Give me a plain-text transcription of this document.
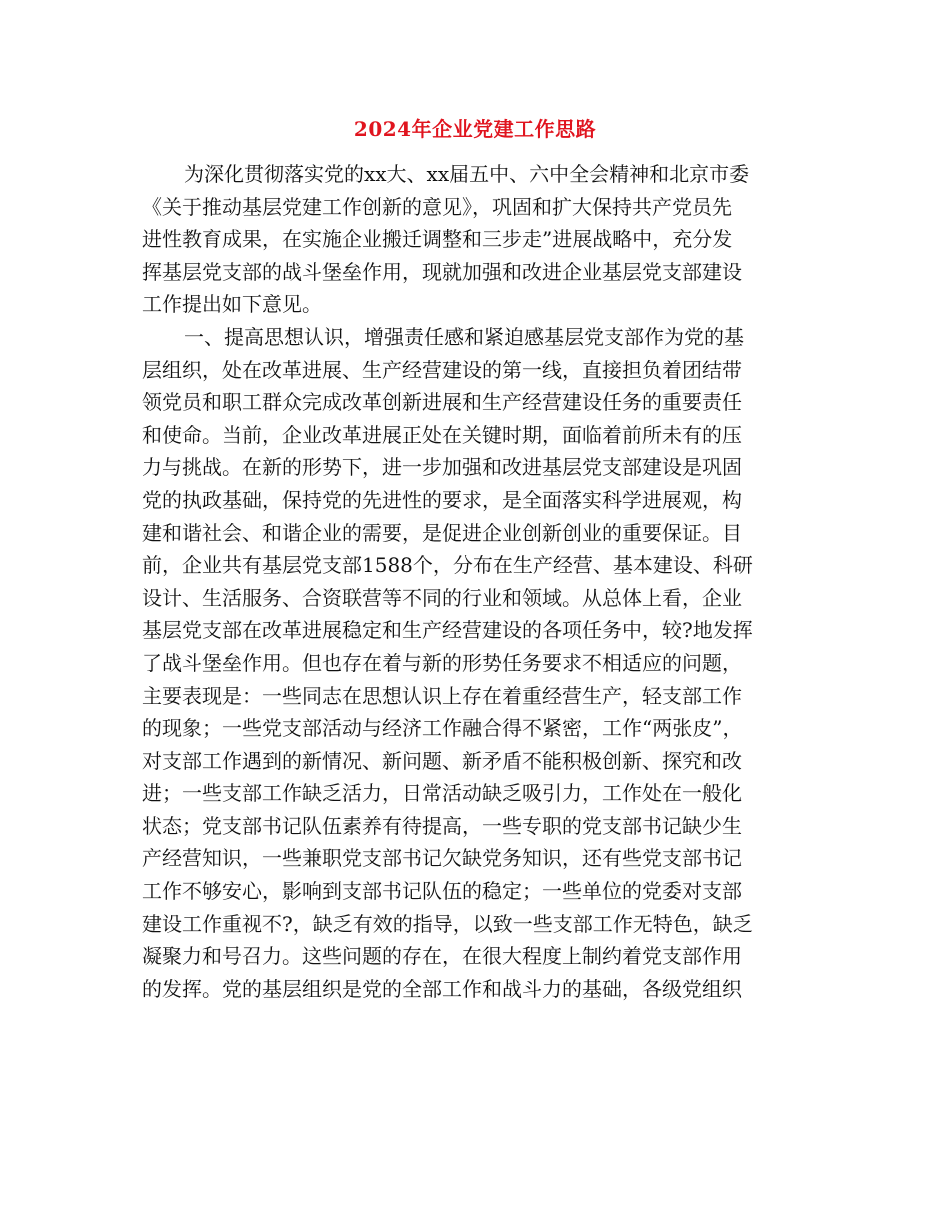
2024年企业党建工作思路
为深化贯彻落实党的xx大、xx届五中、六中全会精神和北京市委
《关于推动基层党建工作创新的意见》，巩固和扩大保持共产党员先
进性教育成果，在实施企业搬迁调整和三步走”进展战略中，充分发
挥基层党支部的战斗堡垒作用，现就加强和改进企业基层党支部建设
工作提出如下意见。
一、提高思想认识，增强责任感和紧迫感基层党支部作为党的基
层组织，处在改革进展、生产经营建设的第一线，直接担负着团结带
领党员和职工群众完成改革创新进展和生产经营建设任务的重要责任
和使命。当前，企业改革进展正处在关键时期，面临着前所未有的压
力与挑战。在新的形势下，进一步加强和改进基层党支部建设是巩固
党的执政基础，保持党的先进性的要求，是全面落实科学进展观，构
建和谐社会、和谐企业的需要，是促进企业创新创业的重要保证。目
前，企业共有基层党支部1588个，分布在生产经营、基本建设、科研
设计、生活服务、合资联营等不同的行业和领域。从总体上看，企业
基层党支部在改革进展稳定和生产经营建设的各项任务中，较?地发挥
了战斗堡垒作用。但也存在着与新的形势任务要求不相适应的问题，
主要表现是：一些同志在思想认识上存在着重经营生产，轻支部工作
的现象；一些党支部活动与经济工作融合得不紧密，工作“两张皮”，
对支部工作遇到的新情况、新问题、新矛盾不能积极创新、探究和改
进；一些支部工作缺乏活力，日常活动缺乏吸引力，工作处在一般化
状态；党支部书记队伍素养有待提高，一些专职的党支部书记缺少生
产经营知识，一些兼职党支部书记欠缺党务知识，还有些党支部书记
工作不够安心，影响到支部书记队伍的稳定；一些单位的党委对支部
建设工作重视不?，缺乏有效的指导，以致一些支部工作无特色，缺乏
凝聚力和号召力。这些问题的存在，在很大程度上制约着党支部作用
的发挥。党的基层组织是党的全部工作和战斗力的基础，各级党组织
